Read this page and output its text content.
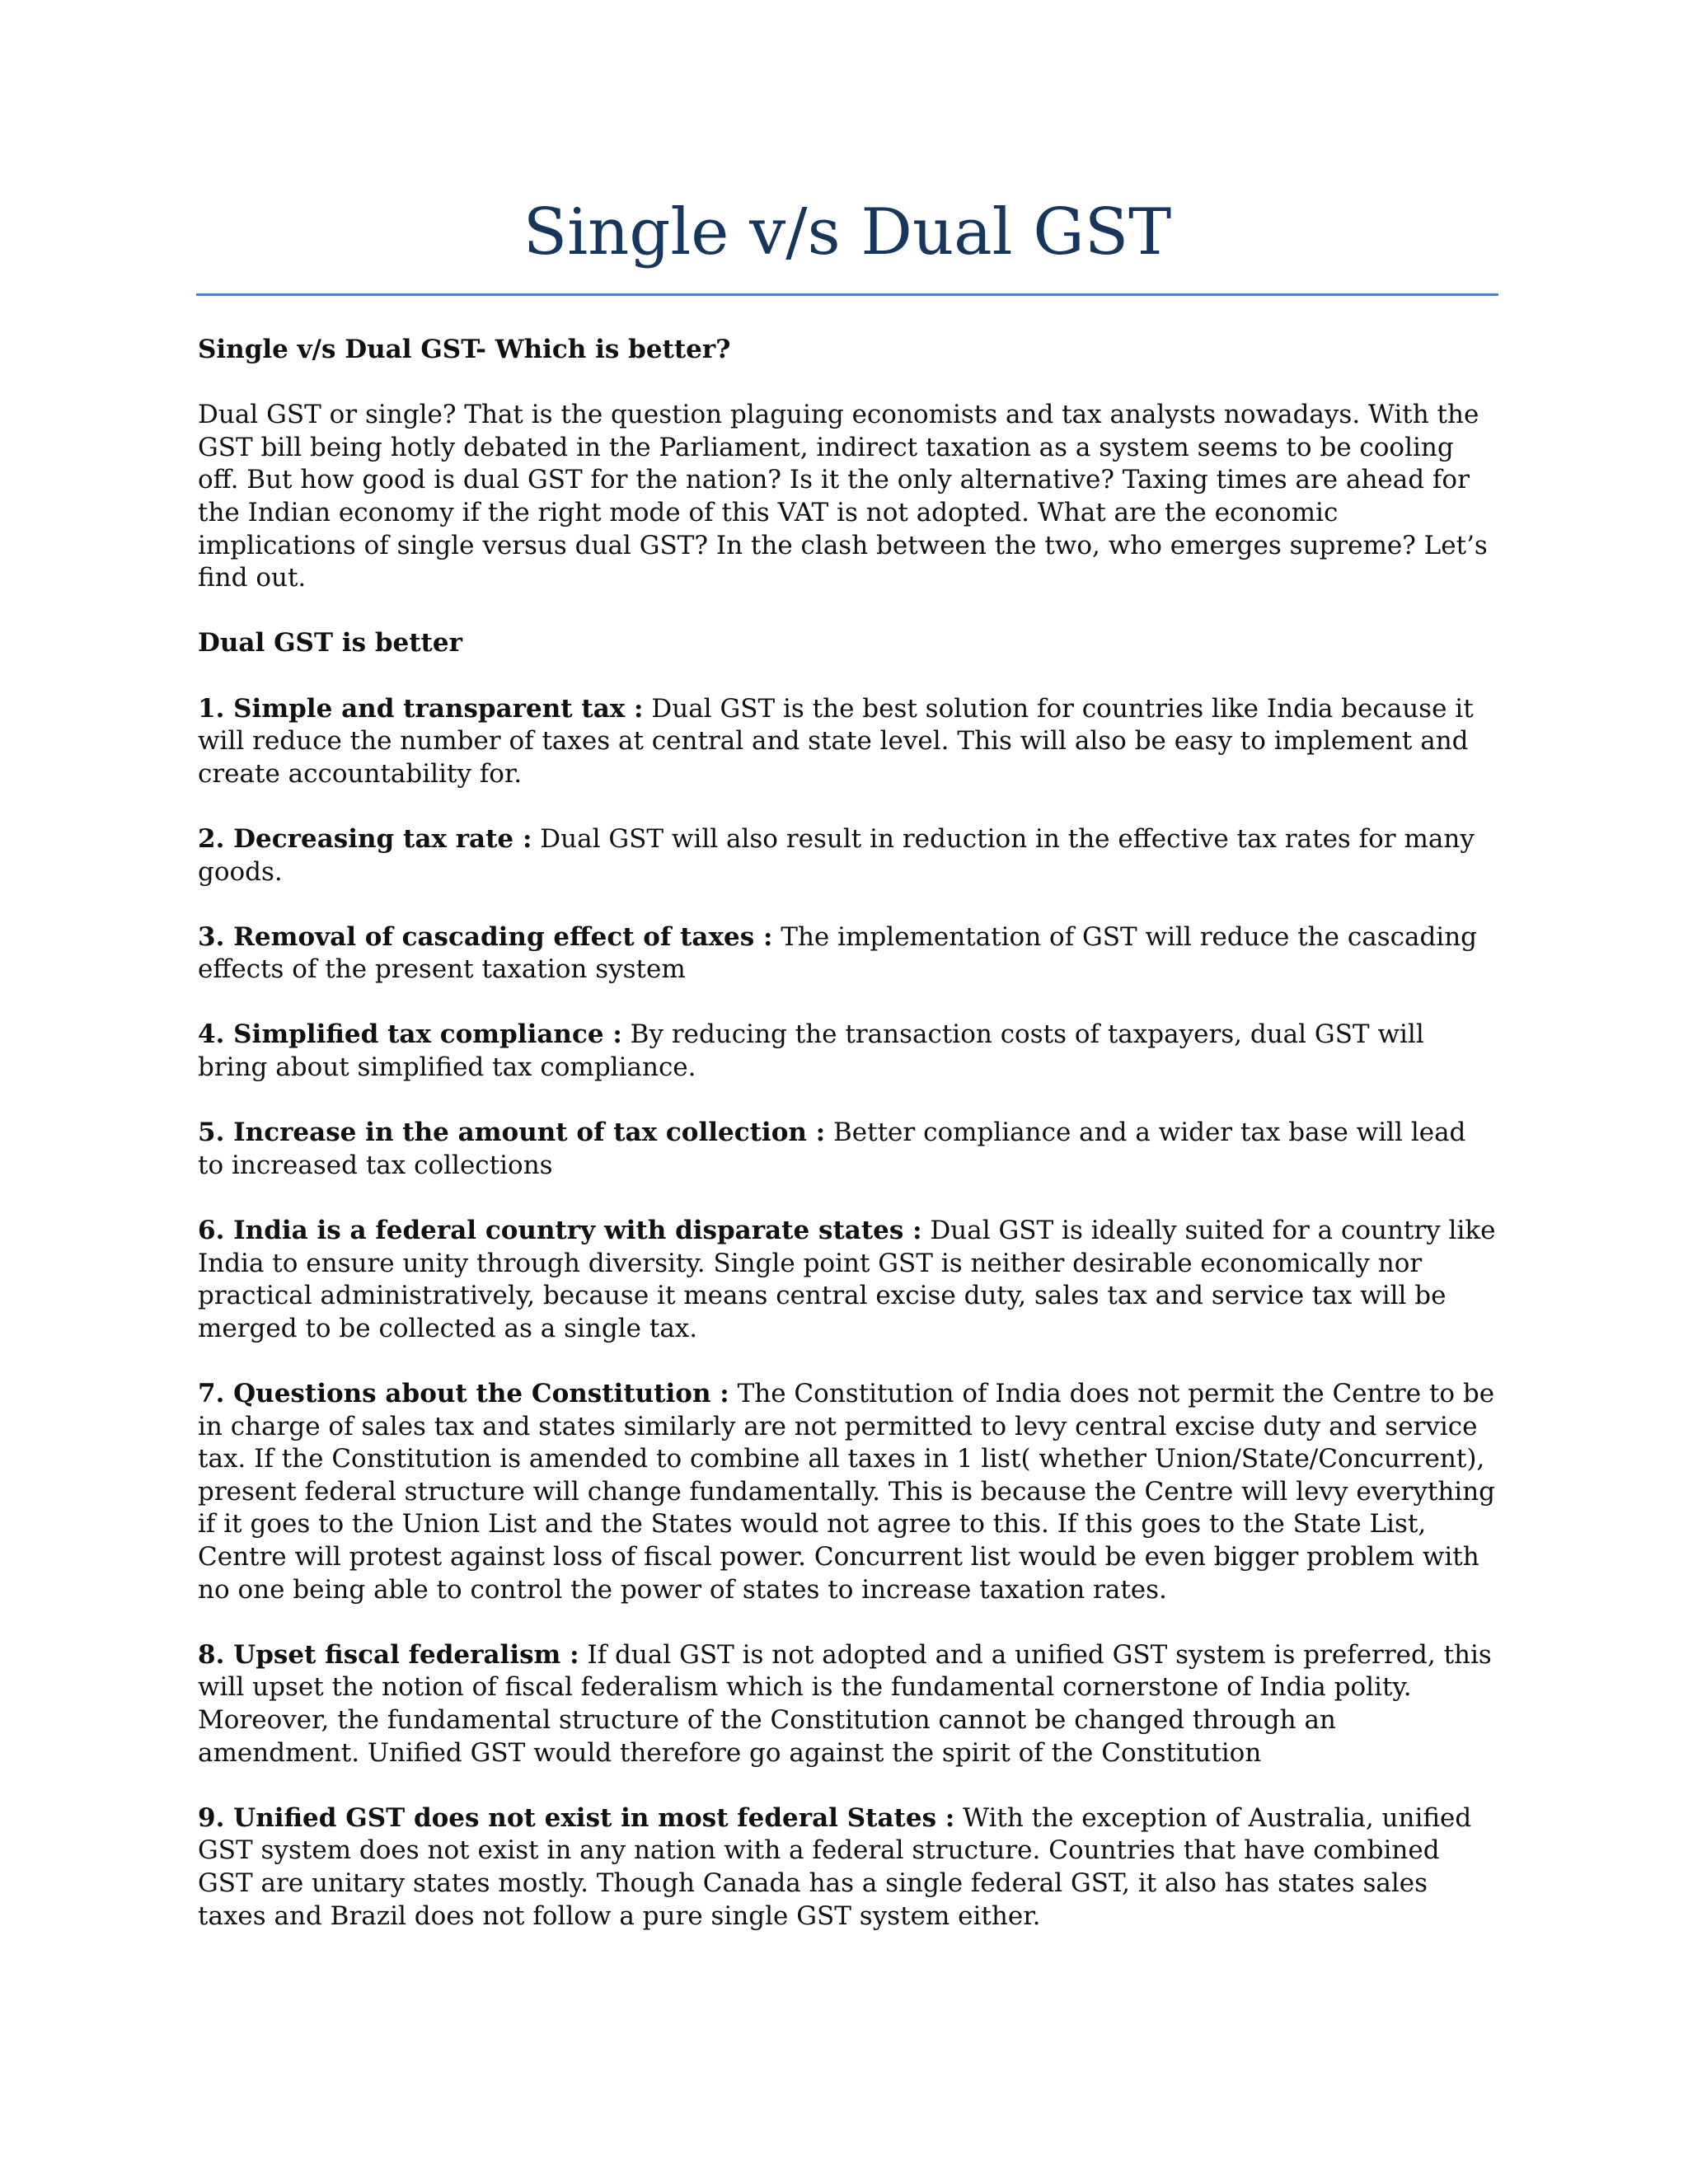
Single v/s Dual GST

Single v/s Dual GST- Which is better?

Dual GST or single? That is the question plaguing economists and tax analysts nowadays. With the GST bill being hotly debated in the Parliament, indirect taxation as a system seems to be cooling off. But how good is dual GST for the nation? Is it the only alternative? Taxing times are ahead for the Indian economy if the right mode of this VAT is not adopted. What are the economic implications of single versus dual GST? In the clash between the two, who emerges supreme? Let’s find out.

Dual GST is better

1. Simple and transparent tax : Dual GST is the best solution for countries like India because it will reduce the number of taxes at central and state level. This will also be easy to implement and create accountability for.

2. Decreasing tax rate : Dual GST will also result in reduction in the effective tax rates for many goods.

3. Removal of cascading effect of taxes : The implementation of GST will reduce the cascading effects of the present taxation system

4. Simplified tax compliance : By reducing the transaction costs of taxpayers, dual GST will bring about simplified tax compliance.

5. Increase in the amount of tax collection : Better compliance and a wider tax base will lead to increased tax collections

6. India is a federal country with disparate states : Dual GST is ideally suited for a country like India to ensure unity through diversity. Single point GST is neither desirable economically nor practical administratively, because it means central excise duty, sales tax and service tax will be merged to be collected as a single tax.

7. Questions about the Constitution : The Constitution of India does not permit the Centre to be in charge of sales tax and states similarly are not permitted to levy central excise duty and service tax. If the Constitution is amended to combine all taxes in 1 list( whether Union/State/Concurrent), present federal structure will change fundamentally. This is because the Centre will levy everything if it goes to the Union List and the States would not agree to this. If this goes to the State List, Centre will protest against loss of fiscal power. Concurrent list would be even bigger problem with no one being able to control the power of states to increase taxation rates.

8. Upset fiscal federalism : If dual GST is not adopted and a unified GST system is preferred, this will upset the notion of fiscal federalism which is the fundamental cornerstone of India polity. Moreover, the fundamental structure of the Constitution cannot be changed through an amendment. Unified GST would therefore go against the spirit of the Constitution

9. Unified GST does not exist in most federal States : With the exception of Australia, unified GST system does not exist in any nation with a federal structure. Countries that have combined GST are unitary states mostly. Though Canada has a single federal GST, it also has states sales taxes and Brazil does not follow a pure single GST system either.
